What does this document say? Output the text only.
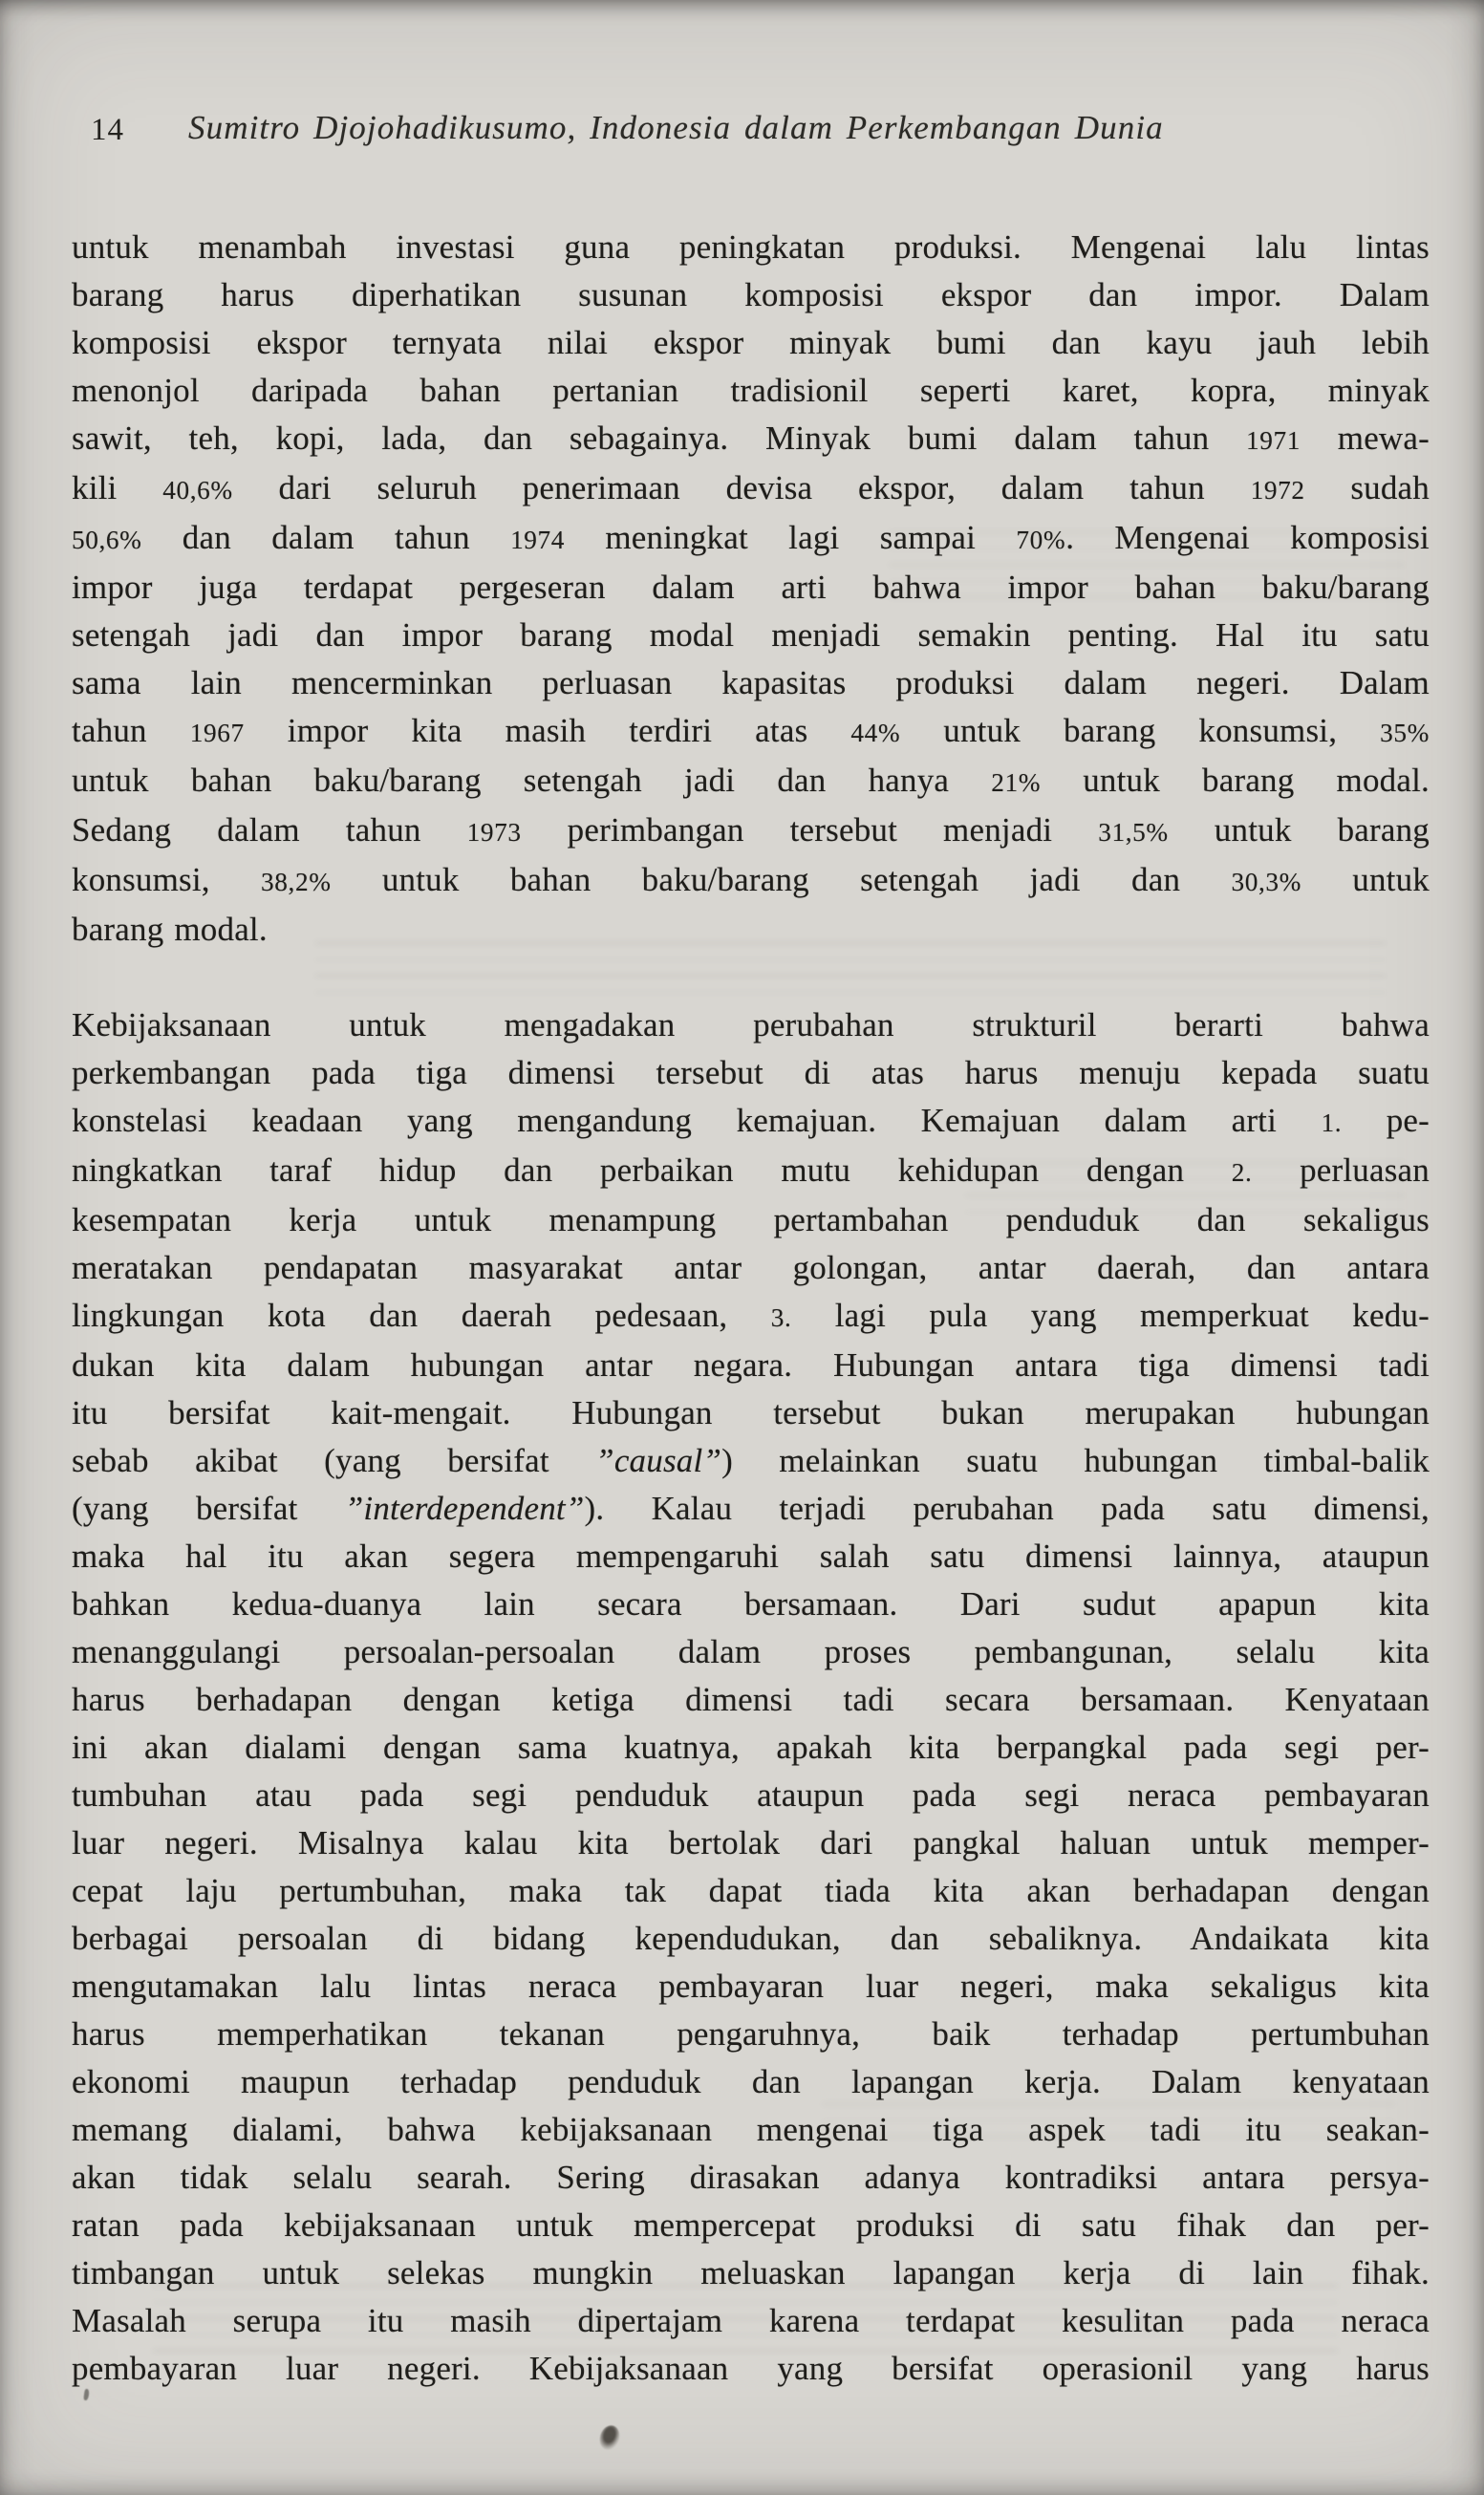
14 Sumitro Djojohadikusumo, Indonesia dalam Perkembangan Dunia
untuk menambah investasi guna peningkatan produksi. Mengenai lalu lintas
barang harus diperhatikan susunan komposisi ekspor dan impor. Dalam
komposisi ekspor ternyata nilai ekspor minyak bumi dan kayu jauh lebih
menonjol daripada bahan pertanian tradisionil seperti karet, kopra, minyak
sawit, teh, kopi, lada, dan sebagainya. Minyak bumi dalam tahun 1971 mewa-
kili 40,6% dari seluruh penerimaan devisa ekspor, dalam tahun 1972 sudah
50,6% dan dalam tahun 1974 meningkat lagi sampai 70%. Mengenai komposisi
impor juga terdapat pergeseran dalam arti bahwa impor bahan baku/barang
setengah jadi dan impor barang modal menjadi semakin penting. Hal itu satu
sama lain mencerminkan perluasan kapasitas produksi dalam negeri. Dalam
tahun 1967 impor kita masih terdiri atas 44% untuk barang konsumsi, 35%
untuk bahan baku/barang setengah jadi dan hanya 21% untuk barang modal.
Sedang dalam tahun 1973 perimbangan tersebut menjadi 31,5% untuk barang
konsumsi, 38,2% untuk bahan baku/barang setengah jadi dan 30,3% untuk
barang modal.
Kebijaksanaan untuk mengadakan perubahan strukturil berarti bahwa
perkembangan pada tiga dimensi tersebut di atas harus menuju kepada suatu
konstelasi keadaan yang mengandung kemajuan. Kemajuan dalam arti 1. pe-
ningkatkan taraf hidup dan perbaikan mutu kehidupan dengan 2. perluasan
kesempatan kerja untuk menampung pertambahan penduduk dan sekaligus
meratakan pendapatan masyarakat antar golongan, antar daerah, dan antara
lingkungan kota dan daerah pedesaan, 3. lagi pula yang memperkuat kedu-
dukan kita dalam hubungan antar negara. Hubungan antara tiga dimensi tadi
itu bersifat kait-mengait. Hubungan tersebut bukan merupakan hubungan
sebab akibat (yang bersifat ”causal”) melainkan suatu hubungan timbal-balik
(yang bersifat ”interdependent”). Kalau terjadi perubahan pada satu dimensi,
maka hal itu akan segera mempengaruhi salah satu dimensi lainnya, ataupun
bahkan kedua-duanya lain secara bersamaan. Dari sudut apapun kita
menanggulangi persoalan-persoalan dalam proses pembangunan, selalu kita
harus berhadapan dengan ketiga dimensi tadi secara bersamaan. Kenyataan
ini akan dialami dengan sama kuatnya, apakah kita berpangkal pada segi per-
tumbuhan atau pada segi penduduk ataupun pada segi neraca pembayaran
luar negeri. Misalnya kalau kita bertolak dari pangkal haluan untuk memper-
cepat laju pertumbuhan, maka tak dapat tiada kita akan berhadapan dengan
berbagai persoalan di bidang kependudukan, dan sebaliknya. Andaikata kita
mengutamakan lalu lintas neraca pembayaran luar negeri, maka sekaligus kita
harus memperhatikan tekanan pengaruhnya, baik terhadap pertumbuhan
ekonomi maupun terhadap penduduk dan lapangan kerja. Dalam kenyataan
memang dialami, bahwa kebijaksanaan mengenai tiga aspek tadi itu seakan-
akan tidak selalu searah. Sering dirasakan adanya kontradiksi antara persya-
ratan pada kebijaksanaan untuk mempercepat produksi di satu fihak dan per-
timbangan untuk selekas mungkin meluaskan lapangan kerja di lain fihak.
Masalah serupa itu masih dipertajam karena terdapat kesulitan pada neraca
pembayaran luar negeri. Kebijaksanaan yang bersifat operasionil yang harus
